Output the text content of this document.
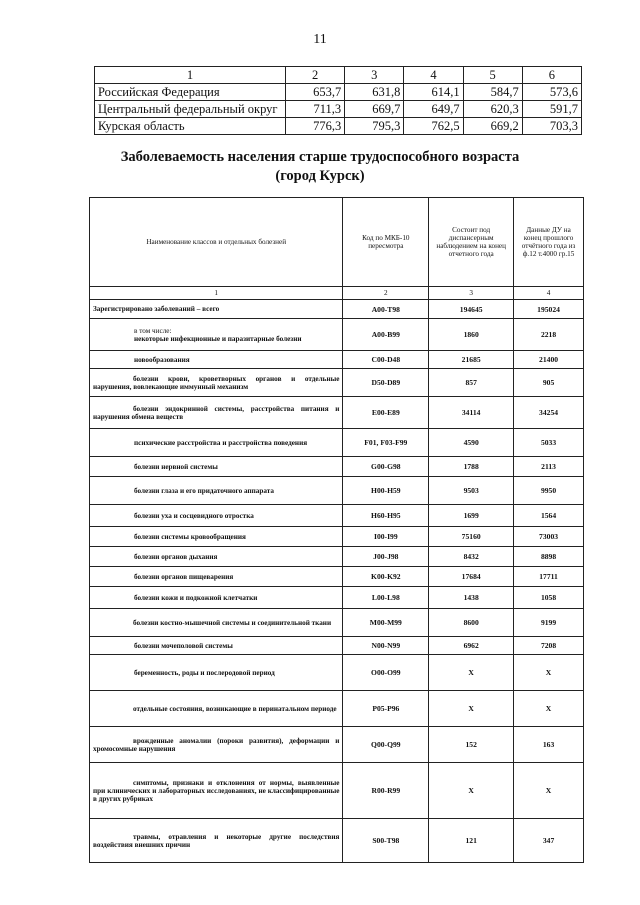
11
1	2	3	4	5	6
Российская Федерация	653,7	631,8	614,1	584,7	573,6
Центральный федеральный округ	711,3	669,7	649,7	620,3	591,7
Курская область	776,3	795,3	762,5	669,2	703,3
Заболеваемость населения старше трудоспособного возраста
(город Курск)
Наименование классов и отдельных болезней	Код по МКБ-10 пересмотра	Состоит под диспансерным наблюдением на конец отчетного года	Данные ДУ на конец прошлого отчётного года из ф.12 т.4000 гр.15
1	2	3	4
Зарегистрировано заболеваний – всего	A00-T98	194645	195024

в том числе:
некоторые инфекционные и паразитарные болезни	A00-B99	1860	2218
новообразования	C00-D48	21685	21400
болезни крови, кроветворных органов и отдельные нарушения, вовлекающие иммунный механизм	D50-D89	857	905
болезни эндокринной системы, расстройства питания и нарушения обмена веществ	E00-E89	34114	34254
психические расстройства и расстройства поведения	F01, F03-F99	4590	5033
болезни нервной системы	G00-G98	1788	2113
болезни глаза и его придаточного аппарата	H00-H59	9503	9950
болезни уха и сосцевидного отростка	H60-H95	1699	1564
болезни системы кровообращения	I00-I99	75160	73003
болезни органов дыхания	J00-J98	8432	8898
болезни органов пищеварения	K00-K92	17684	17711
болезни кожи и подкожной клетчатки	L00-L98	1438	1058
болезни костно-мышечной системы и соединительной ткани	M00-M99	8600	9199
болезни мочеполовой системы	N00-N99	6962	7208
беременность, роды и послеродовой период	O00-O99	X	X
отдельные состояния, возникающие в перинатальном периоде	P05-P96	X	X
врожденные аномалии (пороки развития), деформации и хромосомные нарушения	Q00-Q99	152	163
симптомы, признаки и отклонения от нормы, выявленные при клинических и лабораторных исследованиях, не классифицированные в других рубриках	R00-R99	X	X
травмы, отравления и некоторые другие последствия воздействия внешних причин	S00-T98	121	347
